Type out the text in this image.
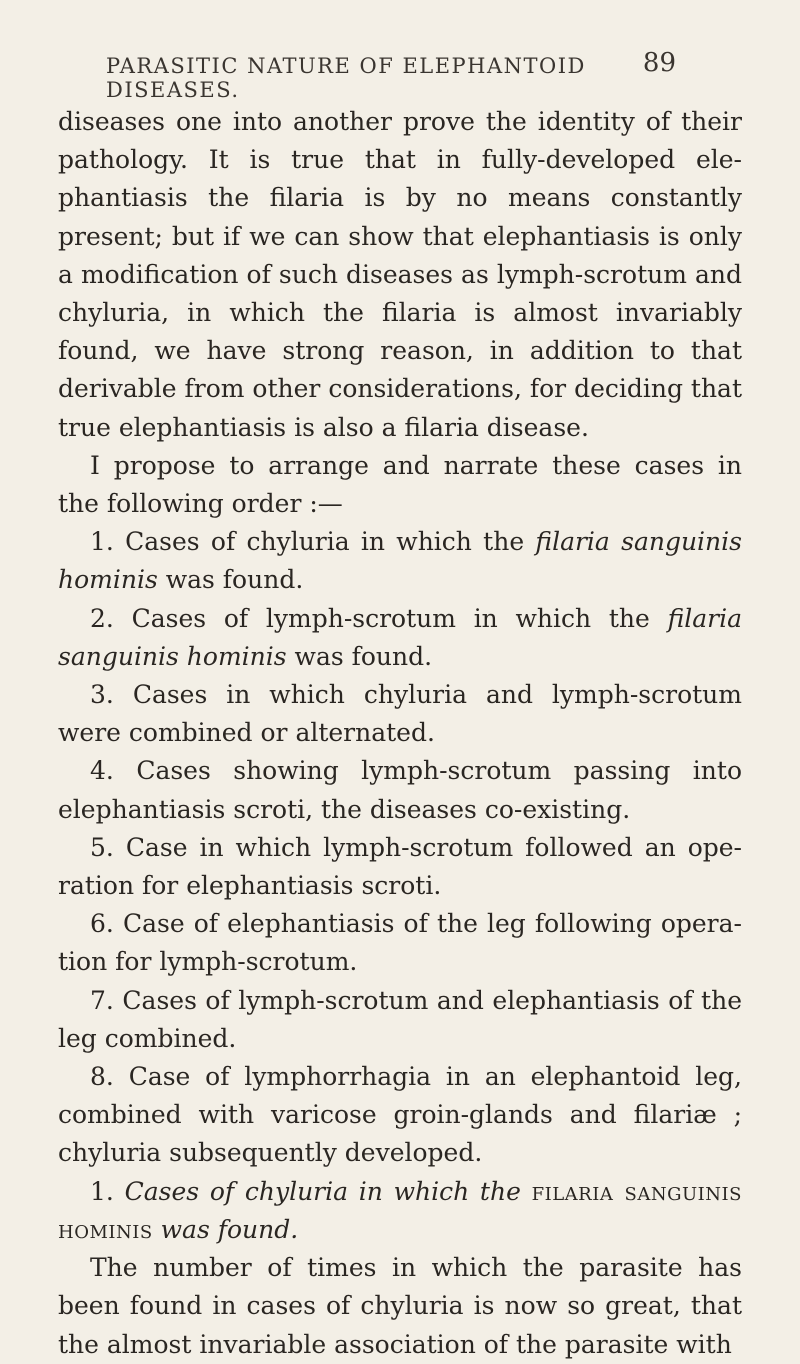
PARASITIC NATURE OF ELEPHANTOID DISEASES.
89

diseases one into another prove the identity of their pathology. It is true that in fully-developed ele- phantiasis the filaria is by no means constantly present; but if we can show that elephantiasis is only a modification of such diseases as lymph-scrotum and chyluria, in which the filaria is almost invariably found, we have strong reason, in addition to that derivable from other considerations, for deciding that true elephantiasis is also a filaria disease.

I propose to arrange and narrate these cases in the following order :—

1. Cases of chyluria in which the filaria sanguinis hominis was found.

2. Cases of lymph-scrotum in which the filaria sanguinis hominis was found.

3. Cases in which chyluria and lymph-scrotum were combined or alternated.

4. Cases showing lymph-scrotum passing into elephantiasis scroti, the diseases co-existing.

5. Case in which lymph-scrotum followed an ope- ration for elephantiasis scroti.

6. Case of elephantiasis of the leg following opera- tion for lymph-scrotum.

7. Cases of lymph-scrotum and elephantiasis of the leg combined.

8. Case of lymphorrhagia in an elephantoid leg, combined with varicose groin-glands and filariæ ; chyluria subsequently developed.

1. Cases of chyluria in which the filaria sanguinis hominis was found.

The number of times in which the parasite has been found in cases of chyluria is now so great, that the almost invariable association of the parasite with
